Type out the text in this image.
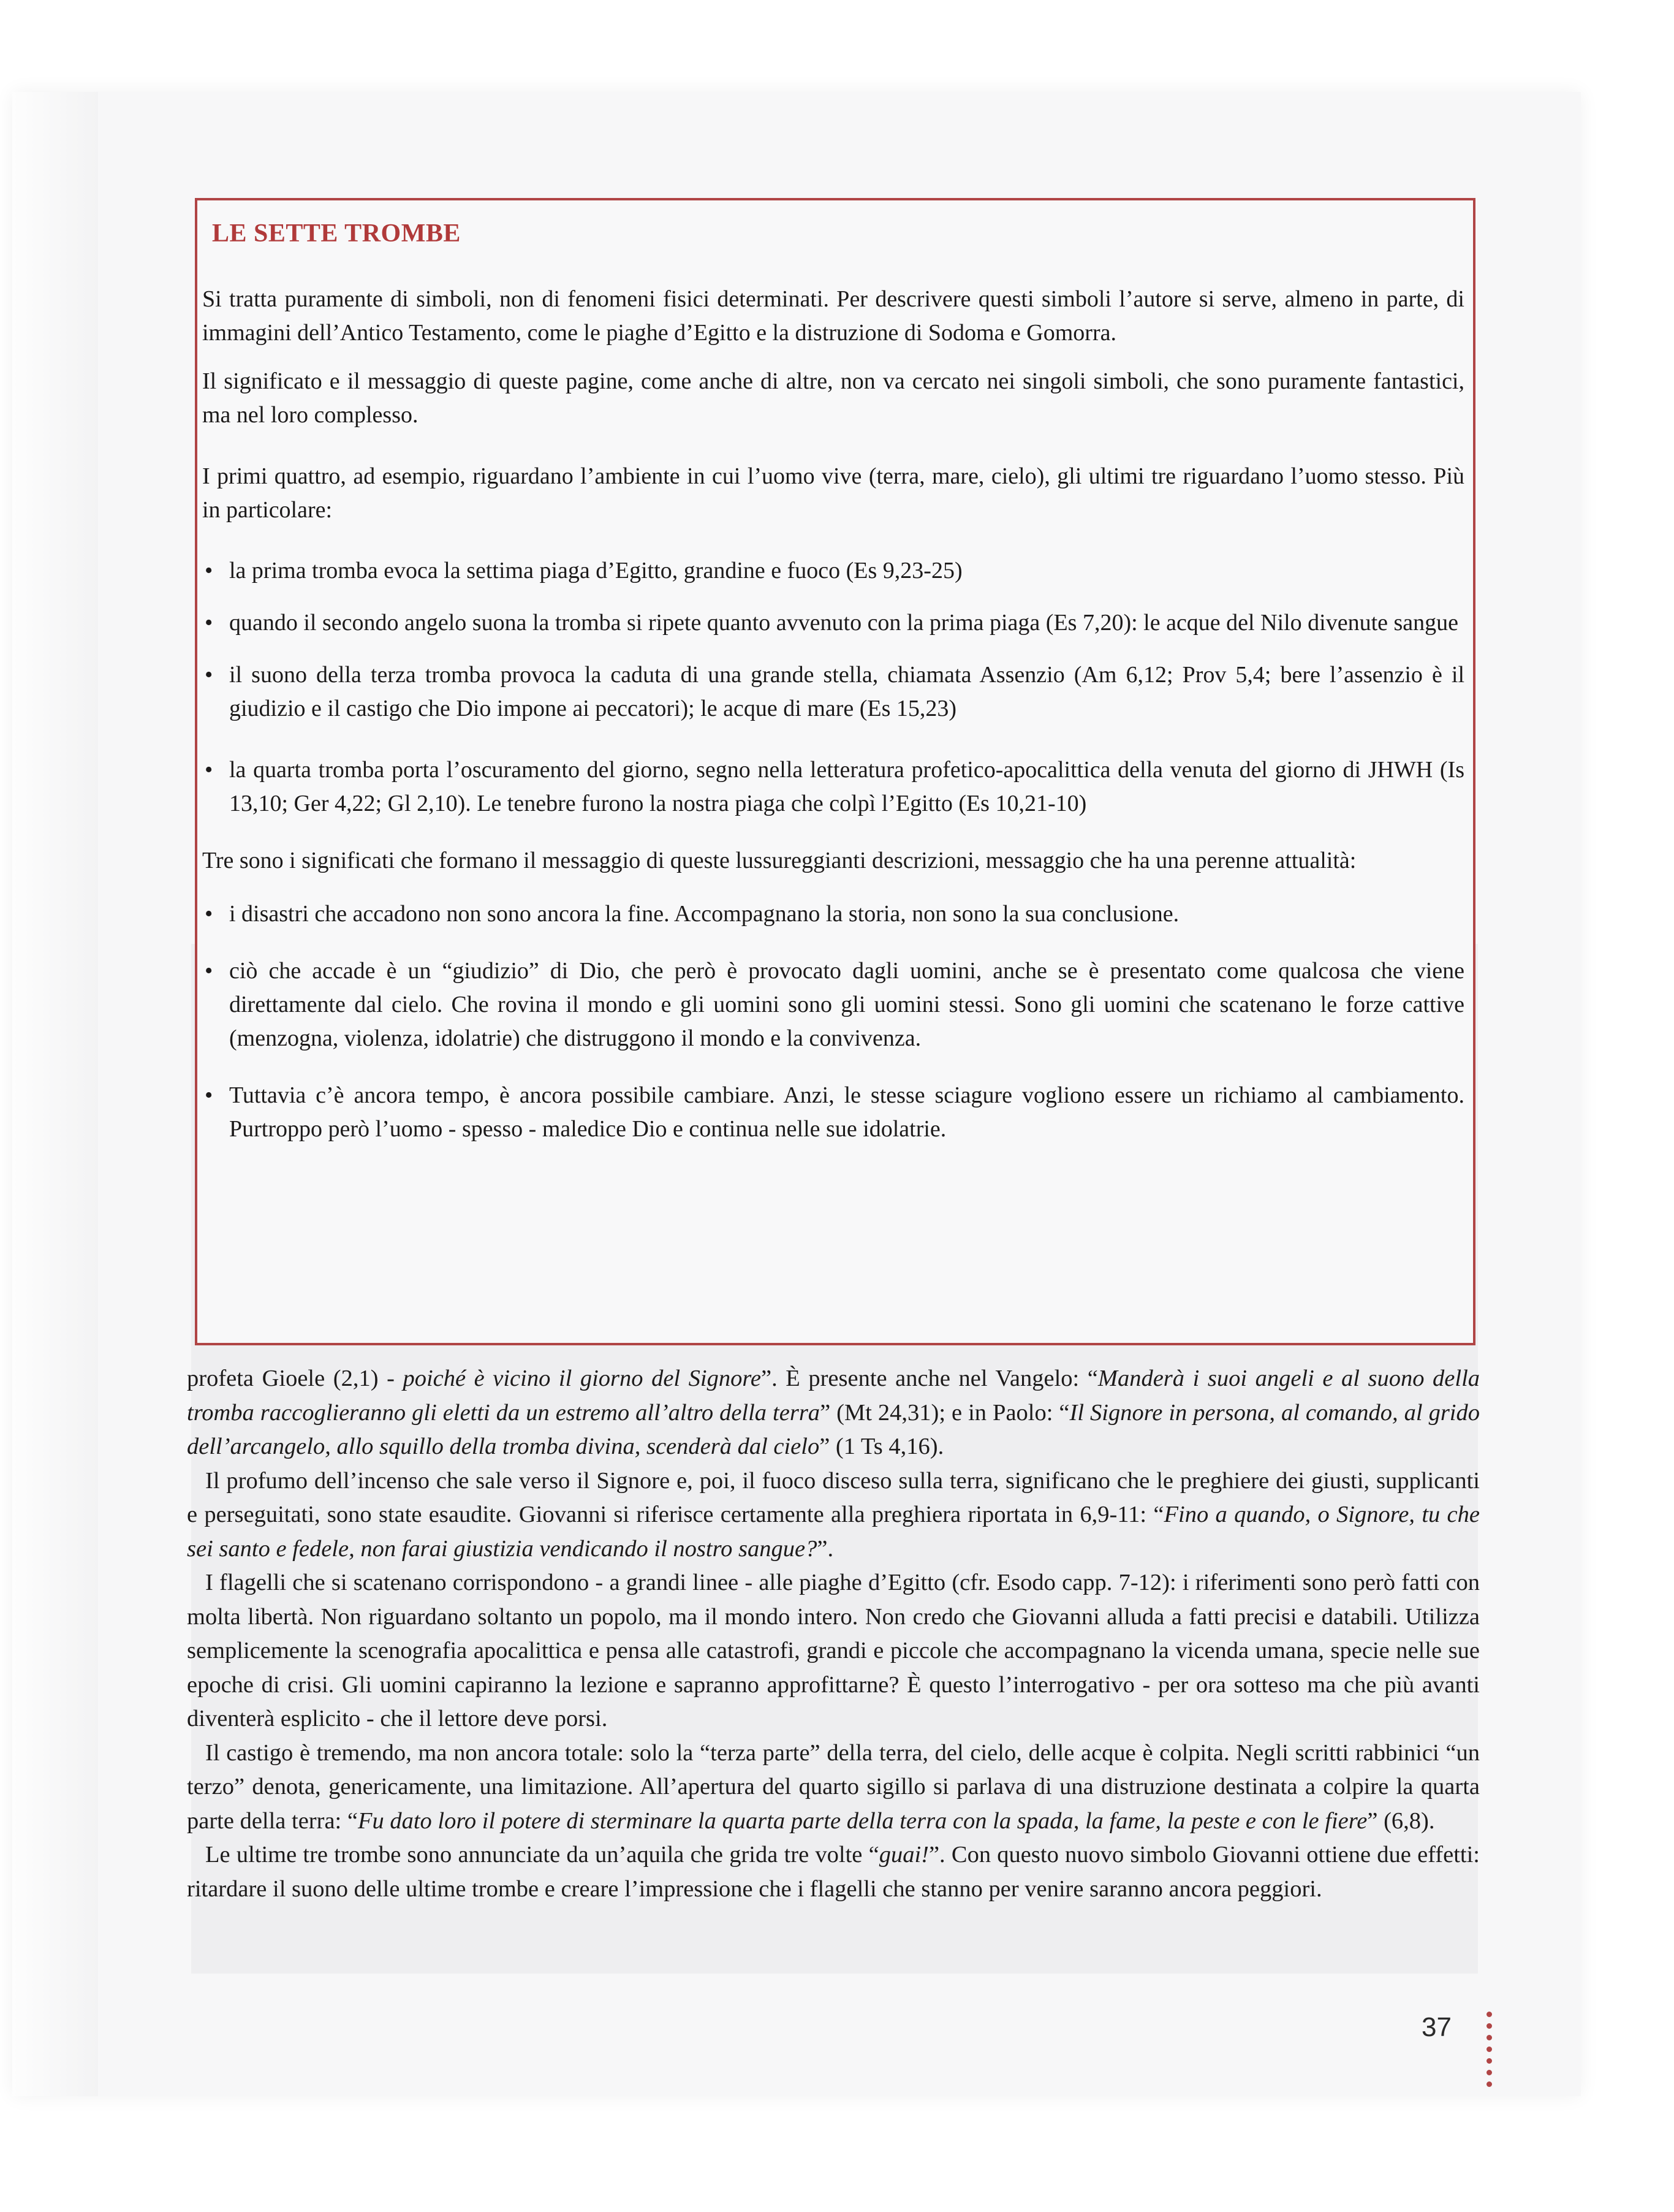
LE SETTE TROMBE

Si tratta puramente di simboli, non di fenomeni fisici determinati. Per descrivere questi simboli l’autore si serve, almeno in parte, di immagini dell’Antico Testamento, come le piaghe d’Egitto e la distruzione di Sodoma e Gomorra.

Il significato e il messaggio di queste pagine, come anche di altre, non va cercato nei singoli simboli, che sono puramente fantastici, ma nel loro complesso.

I primi quattro, ad esempio, riguardano l’ambiente in cui l’uomo vive (terra, mare, cielo), gli ultimi tre riguardano l’uomo stesso. Più in particolare:

• la prima tromba evoca la settima piaga d’Egitto, grandine e fuoco (Es 9,23-25)
• quando il secondo angelo suona la tromba si ripete quanto avvenuto con la prima piaga (Es 7,20): le acque del Nilo divenute sangue
• il suono della terza tromba provoca la caduta di una grande stella, chiamata Assenzio (Am 6,12; Prov 5,4; bere l’assenzio è il giudizio e il castigo che Dio impone ai peccatori); le acque di mare (Es 15,23)
• la quarta tromba porta l’oscuramento del giorno, segno nella letteratura profetico-apocalittica della venuta del giorno di JHWH (Is 13,10; Ger 4,22; Gl 2,10). Le tenebre furono la nostra piaga che colpì l’Egitto (Es 10,21-10)

Tre sono i significati che formano il messaggio di queste lussureggianti descrizioni, messaggio che ha una perenne attualità:

• i disastri che accadono non sono ancora la fine. Accompagnano la storia, non sono la sua conclusione.
• ciò che accade è un “giudizio” di Dio, che però è provocato dagli uomini, anche se è presentato come qualcosa che viene direttamente dal cielo. Che rovina il mondo e gli uomini sono gli uomini stessi. Sono gli uomini che scatenano le forze cattive (menzogna, violenza, idolatrie) che distruggono il mondo e la convivenza.
• Tuttavia c’è ancora tempo, è ancora possibile cambiare. Anzi, le stesse sciagure vogliono essere un richiamo al cambiamento. Purtroppo però l’uomo - spesso - maledice Dio e continua nelle sue idolatrie.

profeta Gioele (2,1) - poiché è vicino il giorno del Signore”. È presente anche nel Vangelo: “Manderà i suoi angeli e al suono della tromba raccoglieranno gli eletti da un estremo all’altro della terra” (Mt 24,31); e in Paolo: “Il Signore in persona, al comando, al grido dell’arcangelo, allo squillo della tromba divina, scenderà dal cielo” (1 Ts 4,16).

Il profumo dell’incenso che sale verso il Signore e, poi, il fuoco disceso sulla terra, significano che le preghiere dei giusti, supplicanti e perseguitati, sono state esaudite. Giovanni si riferisce certamente alla preghiera riportata in 6,9-11: “Fino a quando, o Signore, tu che sei santo e fedele, non farai giustizia vendicando il nostro sangue?”.

I flagelli che si scatenano corrispondono - a grandi linee - alle piaghe d’Egitto (cfr. Esodo capp. 7-12): i riferimenti sono però fatti con molta libertà. Non riguardano soltanto un popolo, ma il mondo intero. Non credo che Giovanni alluda a fatti precisi e databili. Utilizza semplicemente la scenografia apocalittica e pensa alle catastrofi, grandi e piccole che accompagnano la vicenda umana, specie nelle sue epoche di crisi. Gli uomini capiranno la lezione e sapranno approfittarne? È questo l’interrogativo - per ora sotteso ma che più avanti diventerà esplicito - che il lettore deve porsi.

Il castigo è tremendo, ma non ancora totale: solo la “terza parte” della terra, del cielo, delle acque è colpita. Negli scritti rabbinici “un terzo” denota, genericamente, una limitazione. All’apertura del quarto sigillo si parlava di una distruzione destinata a colpire la quarta parte della terra: “Fu dato loro il potere di sterminare la quarta parte della terra con la spada, la fame, la peste e con le fiere” (6,8).

Le ultime tre trombe sono annunciate da un’aquila che grida tre volte “guai!”. Con questo nuovo simbolo Giovanni ottiene due effetti: ritardare il suono delle ultime trombe e creare l’impressione che i flagelli che stanno per venire saranno ancora peggiori.

37
